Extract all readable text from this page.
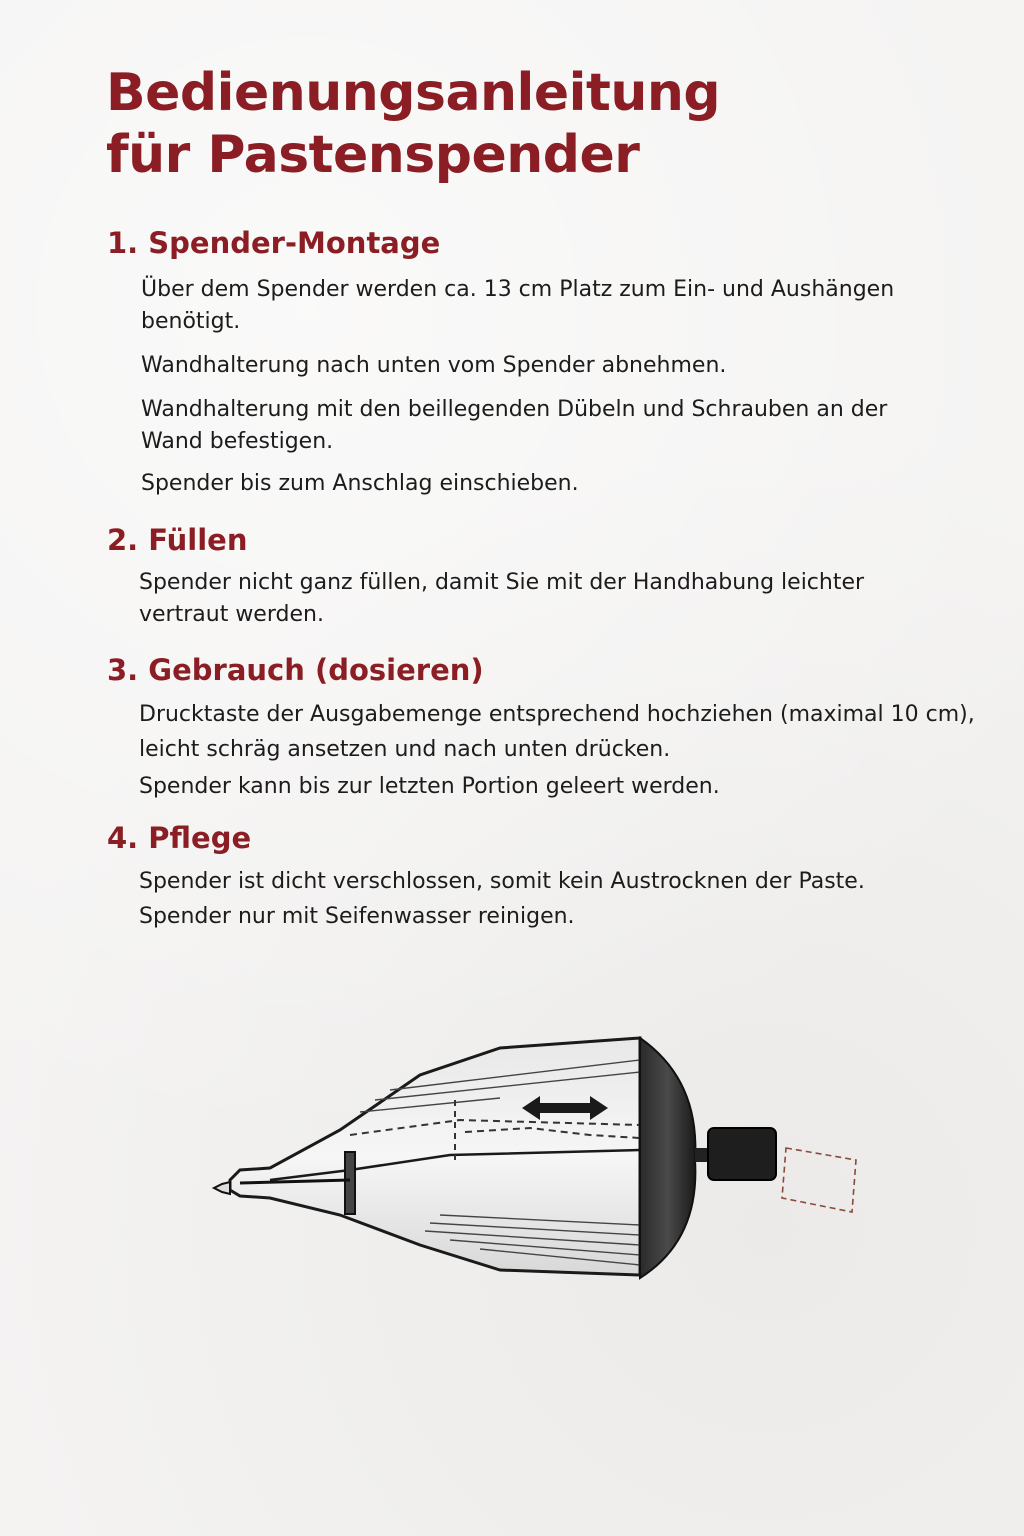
Bedienungsanleitung
für Pastenspender
1. Spender-Montage

Über dem Spender werden ca. 13 cm Platz zum Ein- und Aushängen benötigt.

Wandhalterung nach unten vom Spender abnehmen.

Wandhalterung mit den beillegenden Dübeln und Schrauben an der Wand befestigen.

Spender bis zum Anschlag einschieben.

2. Füllen

Spender nicht ganz füllen, damit Sie mit der Handhabung leichter vertraut werden.

3. Gebrauch (dosieren)

Drucktaste der Ausgabemenge entsprechend hochziehen (maximal 10 cm), leicht schräg ansetzen und nach unten drücken.

Spender kann bis zur letzten Portion geleert werden.

4. Pflege

Spender ist dicht verschlossen, somit kein Austrocknen der Paste.

Spender nur mit Seifenwasser reinigen.
